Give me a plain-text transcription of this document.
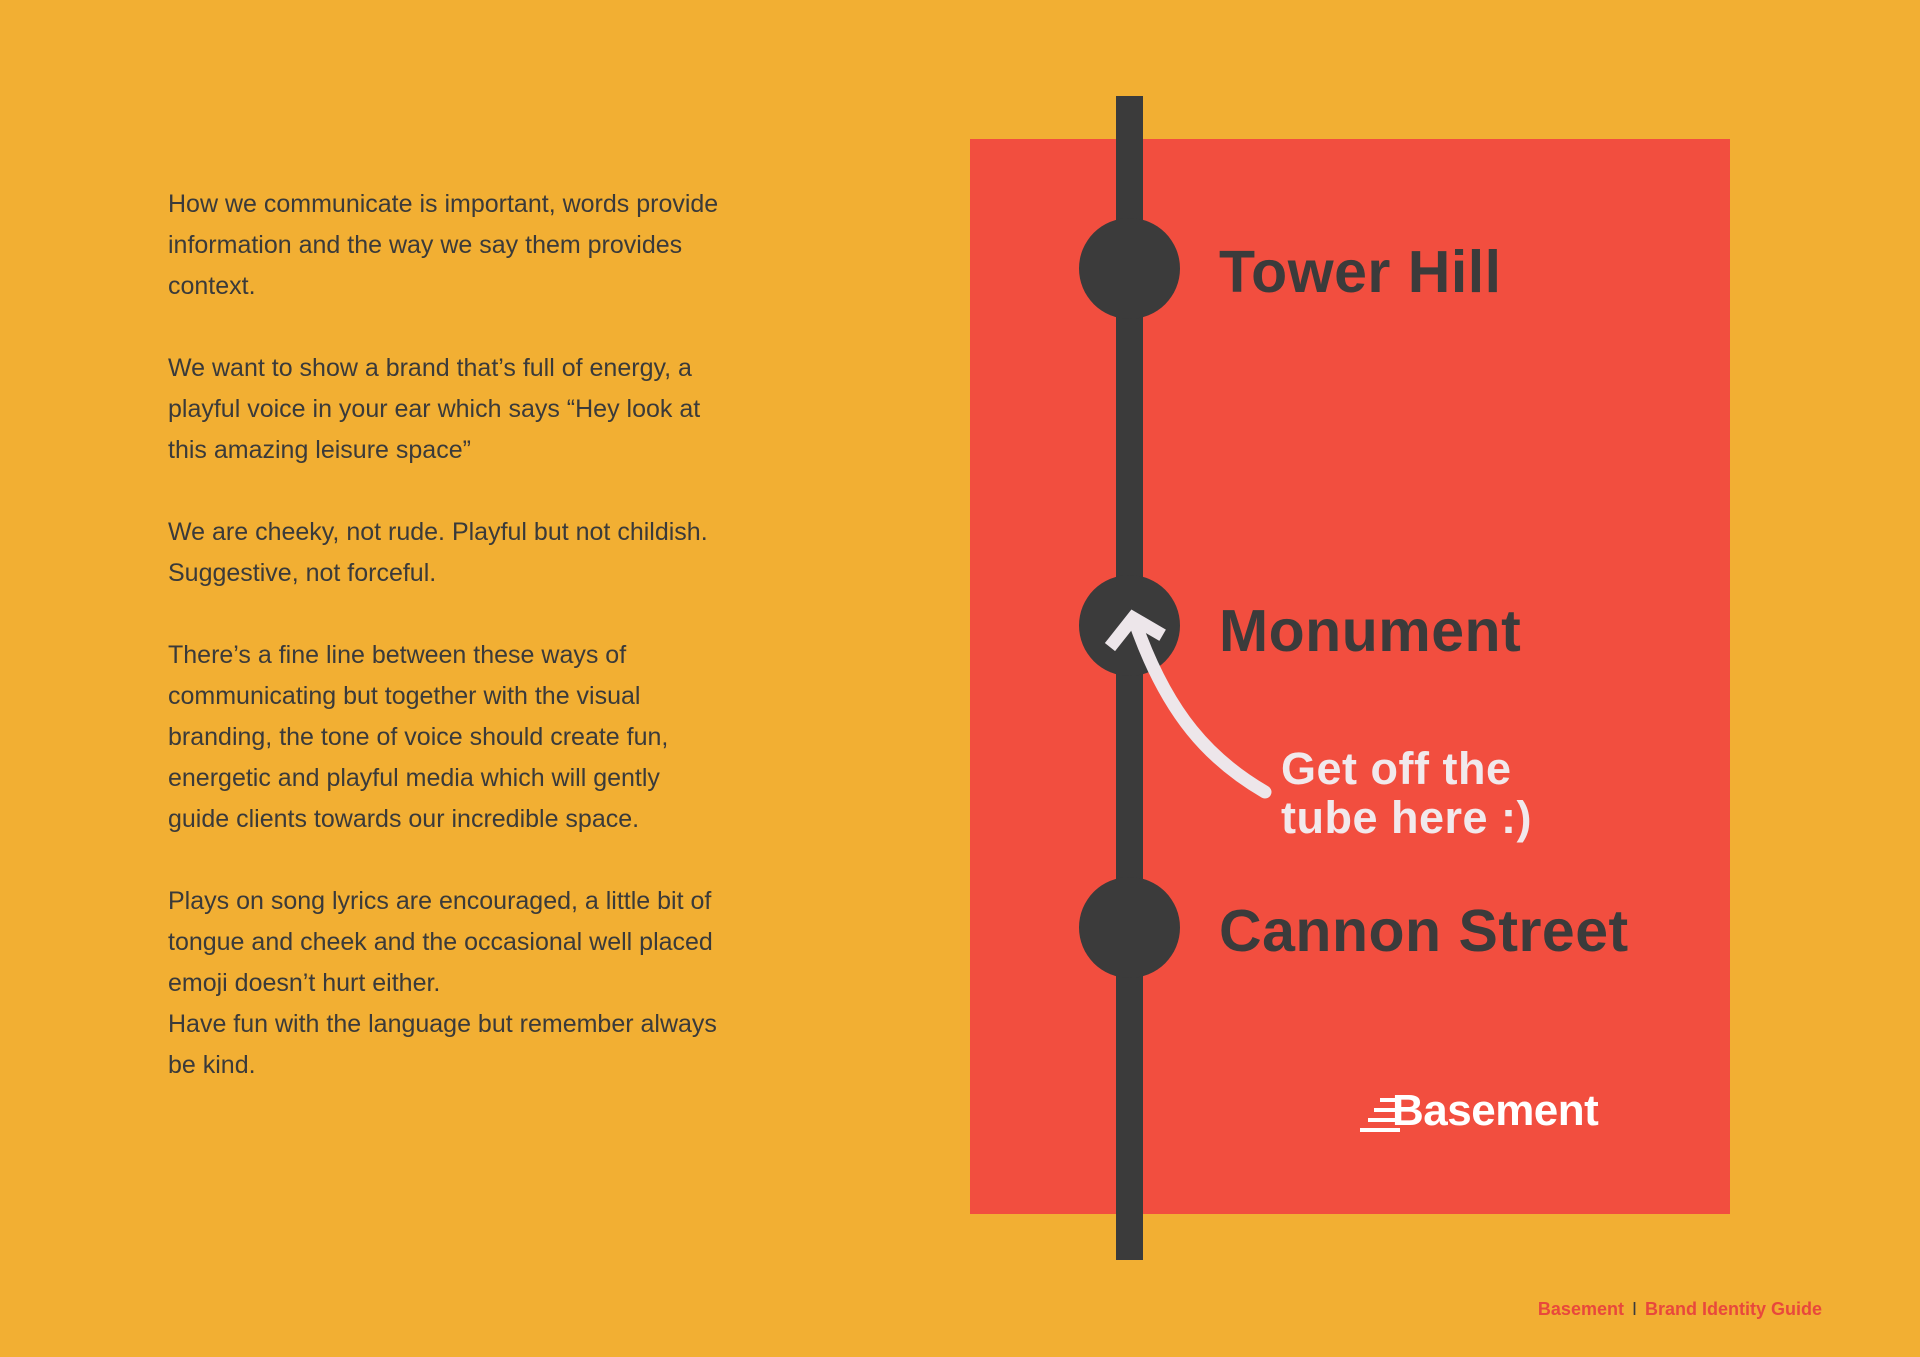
How we communicate is important, words provide information and the way we say them provides context.

We want to show a brand that’s full of energy, a playful voice in your ear which says “Hey look at this amazing leisure space”

We are cheeky, not rude. Playful but not childish. Suggestive, not forceful.

There’s a fine line between these ways of communicating but together with the visual branding, the tone of voice should create fun, energetic and playful media which will gently guide clients towards our incredible space.

Plays on song lyrics are encouraged, a little bit of tongue and cheek and the occasional well placed emoji doesn’t hurt either.

Have fun with the language but remember always be kind.

Tower Hill
Monument
Cannon Street
Get off the
tube here :)
Basement
Basement I Brand Identity Guide
